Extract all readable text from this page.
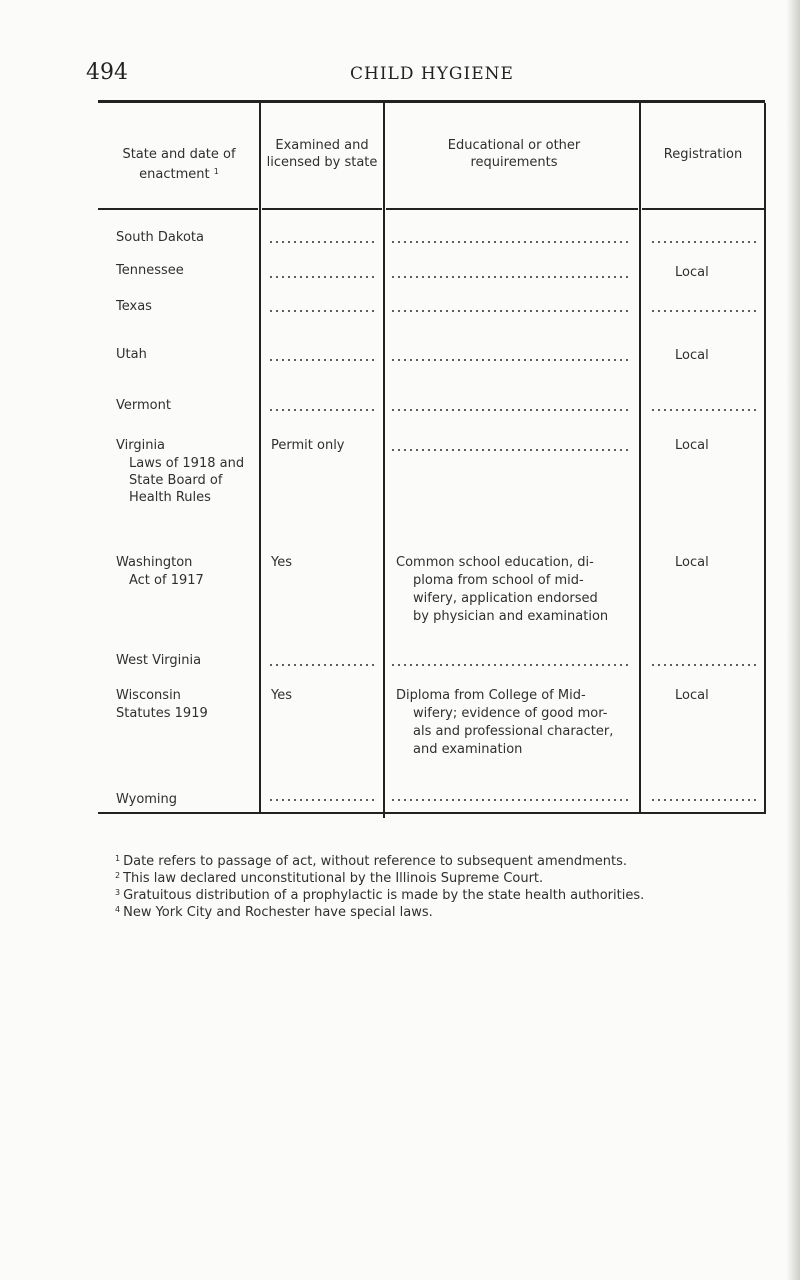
494	CHILD HYGIENE
State and date of enactment $^1$
Examined and licensed by state
Educational or other requirements
Registration
South Dakota
Tennessee
Texas
Utah
Vermont
Virginia
Laws of 1918 and State Board of Health Rules
Washington
Act of 1917
West Virginia
Wisconsin
Statutes 1919
Wyoming
Permit only
Yes
Yes
Common school education, di-
ploma from school of mid-
wifery, application endorsed
by physician and examination
Diploma from College of Mid-
wifery; evidence of good mor-
als and professional character,
and examination
Local
Local
Local
Local
Local
$^1$ Date refers to passage of act, without reference to subsequent amendments.
$^2$ This law declared unconstitutional by the Illinois Supreme Court.
$^3$ Gratuitous distribution of a prophylactic is made by the state health authorities.
$^4$ New York City and Rochester have special laws.
